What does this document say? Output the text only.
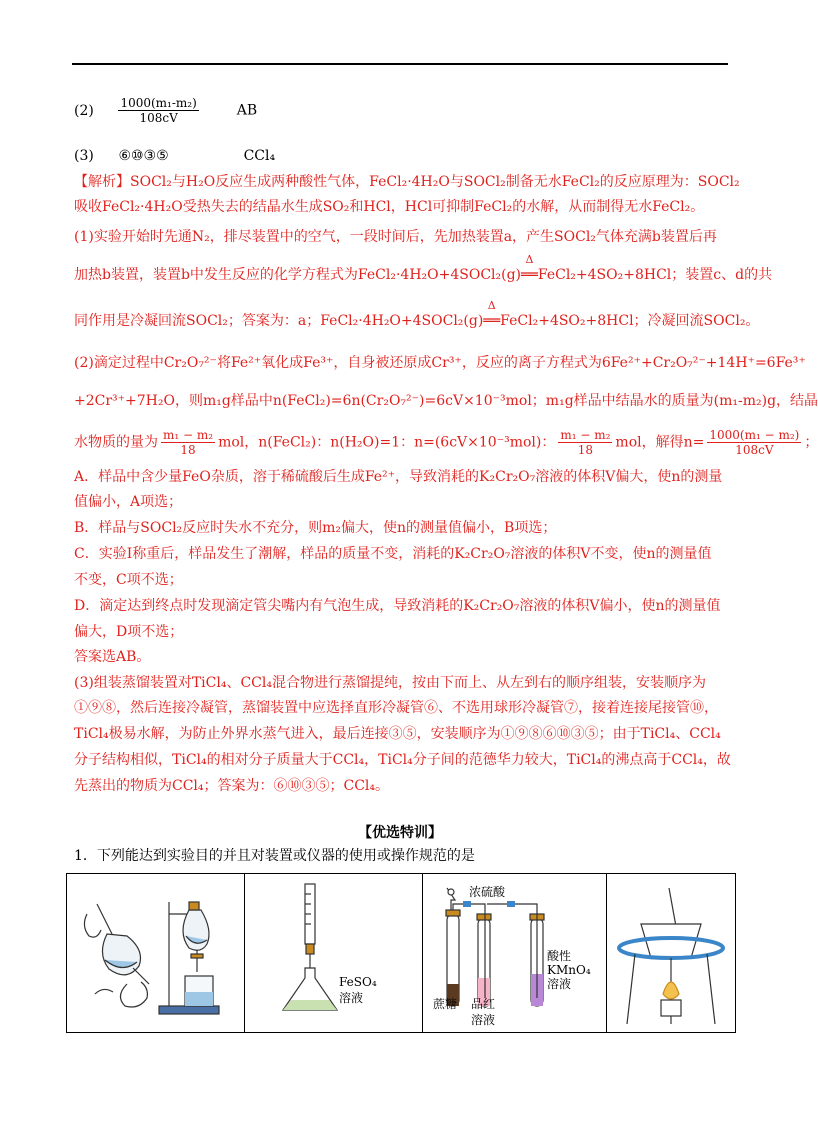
$(2) \frac{\text{1000(m₁-m₂)}}{108cV}$	AB
(3) ⑥⑩③⑤	CCl₄
【解析】SOCl₂与H₂O反应生成两种酸性气体，FeCl₂·4H₂O与SOCl₂制备无水FeCl₂的反应原理为：SOCl₂
吸收FeCl₂·4H₂O受热失去的结晶水生成SO₂和HCl，HCl可抑制FeCl₂的水解，从而制得无水FeCl₂。
(1)实验开始时先通N₂，排尽装置中的空气，一段时间后，先加热装置a，产生SOCl₂气体充满b装置后再
加热b装置，装置b中发生反应的化学方程式为FeCl₂·4H₂O+4SOCl₂(g)
Δ
══FeCl₂+4SO₂+8HCl；装置c、d的共
同作用是冷凝回流SOCl₂；答案为：a；FeCl₂·4H₂O+4SOCl₂(g)
Δ
══FeCl₂+4SO₂+8HCl；冷凝回流SOCl₂。
(2)滴定过程中Cr₂O₇²⁻将Fe²⁺氧化成Fe³⁺，自身被还原成Cr³⁺，反应的离子方程式为6Fe²⁺+Cr₂O₇²⁻+14H⁺=6Fe³⁺
+2Cr³⁺+7H₂O，则m₁g样品中n(FeCl₂)=6n(Cr₂O₇²⁻)=6cV×10⁻³mol；m₁g样品中结晶水的质量为(m₁-m₂)g，结晶
水物质的量为 $\frac{\text{m₁ − m₂}}{18}$ mol，n(FeCl₂)：n(H₂O)=1：n=(6cV×10⁻³mol)： $\frac{\text{m₁ − m₂}}{18}$ mol，解得$n= \frac{\text{1000(m₁ − m₂)}}{108cV}$ ；
A．样品中含少量FeO杂质，溶于稀硫酸后生成Fe²⁺，导致消耗的K₂Cr₂O₇溶液的体积V偏大，使n的测量
值偏小，A项选；
B．样品与SOCl₂反应时失水不充分，则m₂偏大，使n的测量值偏小，B项选；
C．实验I称重后，样品发生了潮解，样品的质量不变，消耗的K₂Cr₂O₇溶液的体积V不变，使n的测量值
不变，C项不选；
D．滴定达到终点时发现滴定管尖嘴内有气泡生成，导致消耗的K₂Cr₂O₇溶液的体积V偏小，使n的测量值
偏大，D项不选；
答案选AB。
(3)组装蒸馏装置对TiCl₄、CCl₄混合物进行蒸馏提纯，按由下而上、从左到右的顺序组装，安装顺序为
①⑨⑧，然后连接冷凝管，蒸馏装置中应选择直形冷凝管⑥、不选用球形冷凝管⑦，接着连接尾接管⑩，
TiCl₄极易水解，为防止外界水蒸气进入，最后连接③⑤，安装顺序为①⑨⑧⑥⑩③⑤；由于TiCl₄、CCl₄
分子结构相似，TiCl₄的相对分子质量大于CCl₄，TiCl₄分子间的范德华力较大，TiCl₄的沸点高于CCl₄，故
先蒸出的物质为CCl₄；答案为：⑥⑩③⑤；CCl₄。
【优选特训】
1．下列能达到实验目的并且对装置或仪器的使用或操作规范的是
FeSO₄
溶液
浓硫酸
蔗糖 品红
溶液
酸性
KMnO₄
溶液
